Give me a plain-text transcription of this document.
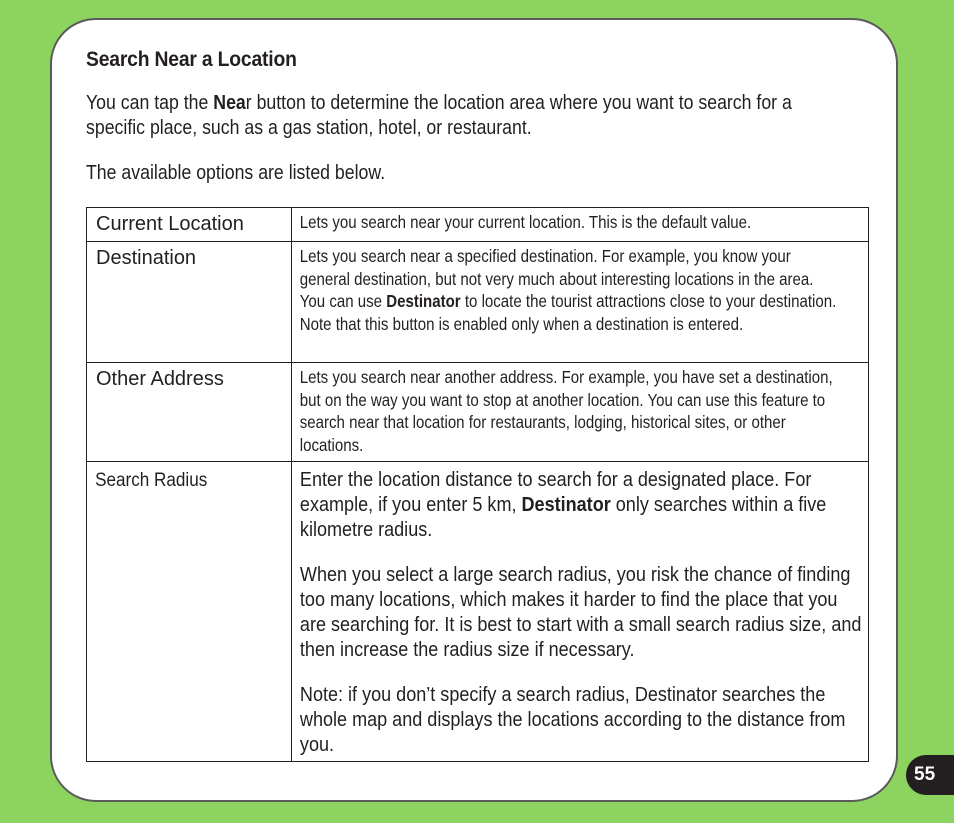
Search Near a Location
You can tap the Near button to determine the location area where you want to search for a specific place, such as a gas station, hotel, or restaurant.
The available options are listed below.
Current Location	Lets you search near your current location. This is the default value.

Destination	Lets you search near a specified destination. For example, you know your general destination, but not very much about interesting locations in the area. You can use Destinator to locate the tourist attractions close to your destination. Note that this button is enabled only when a destination is entered.

Other Address	Lets you search near another address. For example, you have set a destination, but on the way you want to stop at another location. You can use this feature to search near that location for restaurants, lodging, historical sites, or other locations.

Search Radius	Enter the location distance to search for a designated place. For example, if you enter 5 km, Destinator only searches within a five kilometre radius.

When you select a large search radius, you risk the chance of finding too many locations, which makes it harder to find the place that you are searching for. It is best to start with a small search radius size, and then increase the radius size if necessary.

Note: if you don’t specify a search radius, Destinator searches the whole map and displays the locations according to the distance from you.

55
